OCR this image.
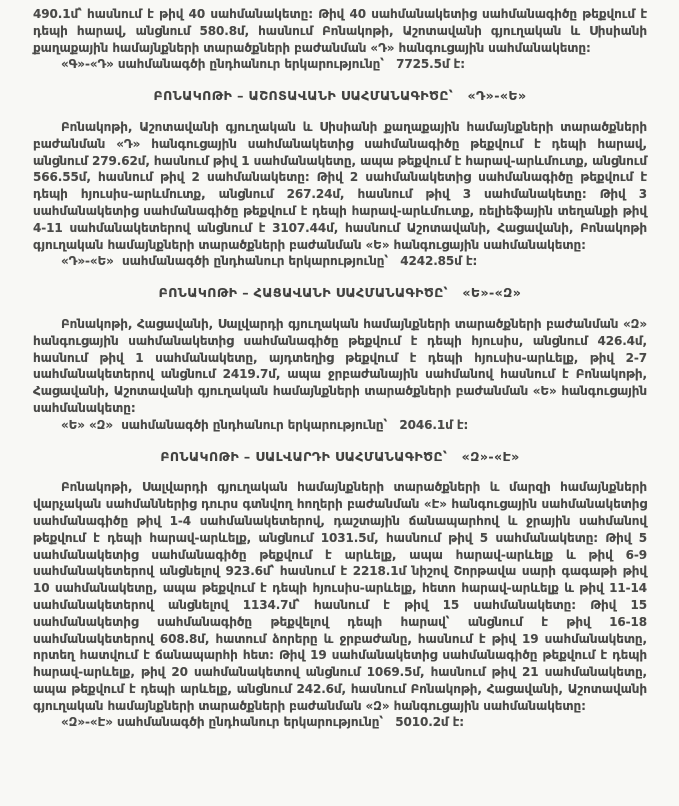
490.1մ՝ հասնում է թիվ 40 սահմանակետը: Թիվ 40 սահմանակետից սահմանագիծը թեքվում է դեպի հարավ, անցնում 580.8մ, հասնում Բոնակոթի, Աշոտավանի գյուղական և Սիսիանի քաղաքային համայնքների տարածքների բաժանման «Դ» հանգուցային սահմանակետը:

«Գ»-«Դ» սահմանագծի ընդհանուր երկարությունը՝   7725.5մ է:

ԲՈՆԱԿՈԹԻ – ԱՇՈՏԱՎԱՆԻ ՍԱՀՄԱՆԱԳԻԾԸ՝   «Դ»-«Ե»

Բոնակոթի, Աշոտավանի գյուղական և Սիսիանի քաղաքային համայնքների տարածքների բաժանման «Դ» հանգուցային սահմանակետից սահմանագիծը թեքվում է դեպի հարավ, անցնում 279.62մ, հասնում թիվ 1 սահմանակետը, ապա թեքվում է հարավ-արևմուտք, անցնում 566.55մ, հասնում թիվ 2 սահմանակետը: Թիվ 2 սահմանակետից սահմանագիծը թեքվում է դեպի հյուսիս-արևմուտք, անցնում 267.24մ, հասնում թիվ 3 սահմանակետը: Թիվ 3 սահմանակետից սահմանագիծը թեքվում է դեպի հարավ-արևմուտք, ռելիեֆային տեղանքի թիվ 4-11 սահմանակետերով անցնում է 3107.44մ, հասնում Աշոտավանի, Հացավանի, Բոնակոթի գյուղական համայնքների տարածքների բաժանման «Ե» հանգուցային սահմանակետը:

«Դ»-«Ե»  սահմանագծի ընդհանուր երկարությունը՝   4242.85մ է:

ԲՈՆԱԿՈԹԻ – ՀԱՑԱՎԱՆԻ ՍԱՀՄԱՆԱԳԻԾԸ՝   «Ե»-«Զ»

Բոնակոթի, Հացավանի, Սալվարդի գյուղական համայնքների տարածքների բաժանման «Զ» հանգուցային սահմանակետից սահմանագիծը թեքվում է դեպի հյուսիս, անցնում 426.4մ, հասնում թիվ 1 սահմանակետը, այդտեղից թեքվում է դեպի հյուսիս-արևելք, թիվ 2-7 սահմանակետերով անցնում 2419.7մ, ապա ջրբաժանային սահմանով հասնում է Բոնակոթի, Հացավանի, Աշոտավանի գյուղական համայնքների տարածքների բաժանման «Ե» հանգուցային սահմանակետը:

«Ե» «Զ»  սահմանագծի ընդհանուր երկարությունը՝   2046.1մ է:

ԲՈՆԱԿՈԹԻ – ՍԱԼՎԱՐԴԻ ՍԱՀՄԱՆԱԳԻԾԸ՝   «Զ»-«Է»

Բոնակոթի, Սալվարդի գյուղական համայնքների տարածքների և մարզի համայնքների վարչական սահմաններից դուրս գտնվող հողերի բաժանման «Է» հանգուցային սահմանակետից սահմանագիծը թիվ 1-4 սահմանակետերով, դաշտային ճանապարհով և ջրային սահմանով թեքվում է դեպի հարավ-արևելք, անցնում 1031.5մ, հասնում թիվ 5 սահմանակետը: Թիվ 5 սահմանակետից սահմանագիծը թեքվում է արևելք, ապա հարավ-արևելք և թիվ 6-9 սահմանակետերով անցնելով 923.6մ՝ հասնում է 2218.1մ նիշով Շորթավա սարի գագաթի թիվ 10 սահմանակետը, ապա թեքվում է դեպի հյուսիս-արևելք, հետո հարավ-արևելք և թիվ 11-14 սահմանակետերով անցնելով 1134.7մ՝ հասնում է թիվ 15 սահմանակետը: Թիվ 15 սահմանակետից սահմանագիծը թեքվելով դեպի հարավ՝ անցնում է թիվ 16-18 սահմանակետերով 608.8մ, հատում ձորերը և ջրբաժանը, հասնում է թիվ 19 սահմանակետը, որտեղ հատվում է ճանապարհի հետ: Թիվ 19 սահմանակետից սահմանագիծը թեքվում է դեպի հարավ-արևելք, թիվ 20 սահմանակետով անցնում 1069.5մ, հասնում թիվ 21 սահմանակետը, ապա թեքվում է դեպի արևելք, անցնում 242.6մ, հասնում Բոնակոթի, Հացավանի, Աշոտավանի գյուղական համայնքների տարածքների բաժանման «Զ» հանգուցային սահմանակետը:

«Զ»-«Է» սահմանագծի ընդհանուր երկարությունը՝   5010.2մ է:
